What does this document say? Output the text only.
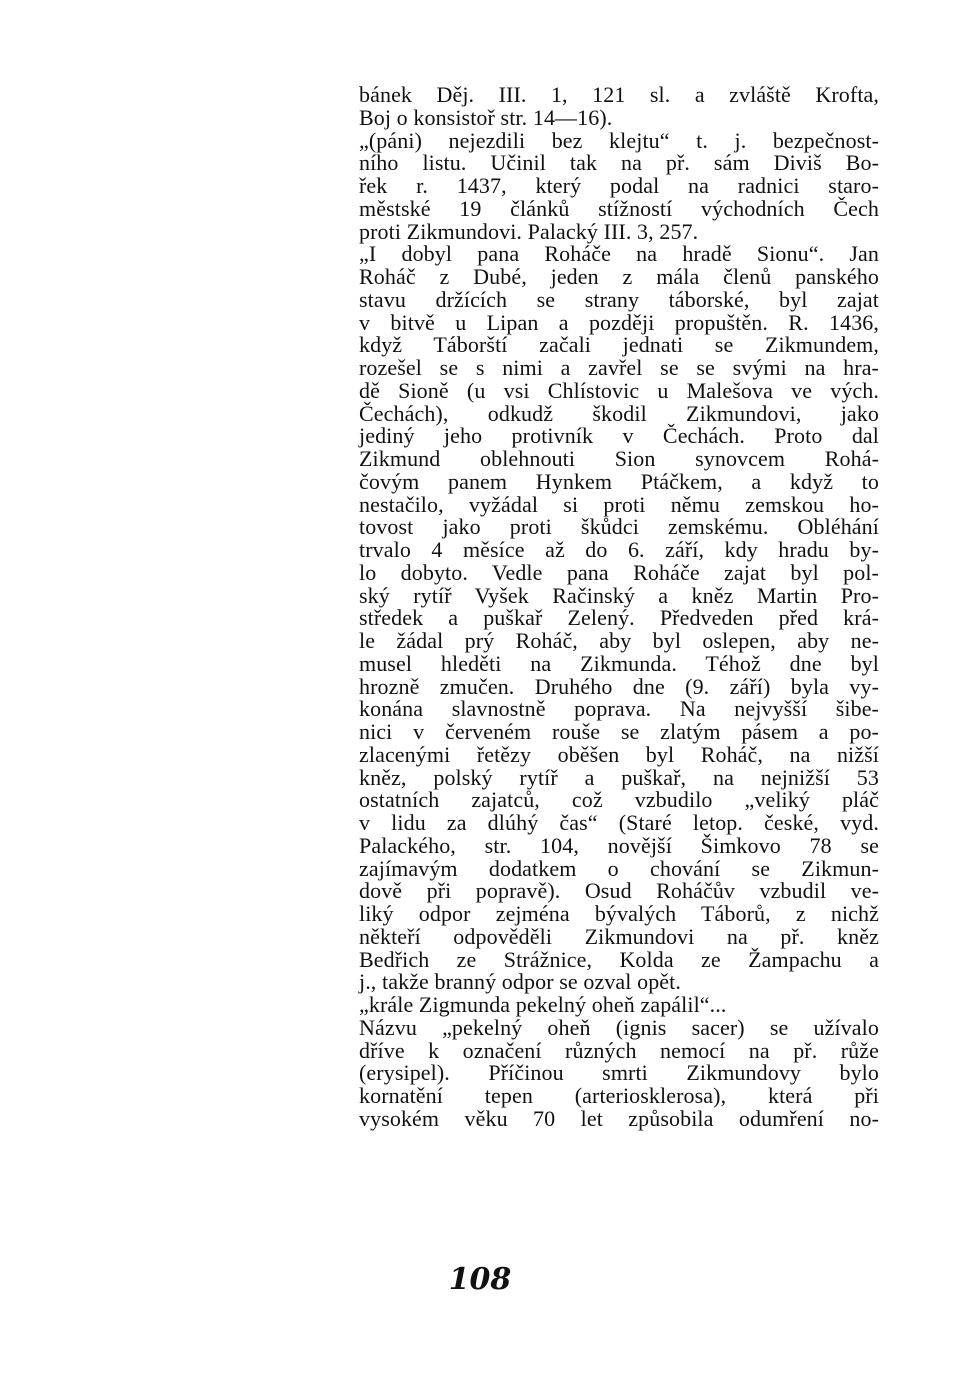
bánek Děj. III. 1, 121 sl. a zvláště Krofta,
Boj o konsistoř str. 14—16).
„(páni) nejezdili bez klejtu“ t. j. bezpečnost-
ního listu. Učinil tak na př. sám Diviš Bo-
řek r. 1437, který podal na radnici staro-
městské 19 článků stížností východních Čech
proti Zikmundovi. Palacký III. 3, 257.
„I dobyl pana Roháče na hradě Sionu“. Jan
Roháč z Dubé, jeden z mála členů panského
stavu držících se strany táborské, byl zajat
v bitvě u Lipan a později propuštěn. R. 1436,
když Táborští začali jednati se Zikmundem,
rozešel se s nimi a zavřel se se svými na hra-
dě Sioně (u vsi Chlístovic u Malešova ve vých.
Čechách), odkudž škodil Zikmundovi, jako
jediný jeho protivník v Čechách. Proto dal
Zikmund oblehnouti Sion synovcem Rohá-
čovým panem Hynkem Ptáčkem, a když to
nestačilo, vyžádal si proti němu zemskou ho-
tovost jako proti škůdci zemskému. Obléhání
trvalo 4 měsíce až do 6. září, kdy hradu by-
lo dobyto. Vedle pana Roháče zajat byl pol-
ský rytíř Vyšek Račinský a kněz Martin Pro-
středek a puškař Zelený. Předveden před krá-
le žádal prý Roháč, aby byl oslepen, aby ne-
musel hleděti na Zikmunda. Téhož dne byl
hrozně zmučen. Druhého dne (9. září) byla vy-
konána slavnostně poprava. Na nejvyšší šibe-
nici v červeném rouše se zlatým pásem a po-
zlacenými řetězy oběšen byl Roháč, na nižší
kněz, polský rytíř a puškař, na nejnižší 53
ostatních zajatců, což vzbudilo „veliký pláč
v lidu za dlúhý čas“ (Staré letop. české, vyd.
Palackého, str. 104, novější Šimkovo 78 se
zajímavým dodatkem o chování se Zikmun-
dově při popravě). Osud Roháčův vzbudil ve-
liký odpor zejména bývalých Táborů, z nichž
někteří odpověděli Zikmundovi na př. kněz
Bedřich ze Strážnice, Kolda ze Žampachu a
j., takže branný odpor se ozval opět.
„krále Zigmunda pekelný oheň zapálil“...
Názvu „pekelný oheň (ignis sacer) se užívalo
dříve k označení různých nemocí na př. růže
(erysipel). Příčinou smrti Zikmundovy bylo
kornatění tepen (arteriosklerosa), která při
vysokém věku 70 let způsobila odumření no-
108
